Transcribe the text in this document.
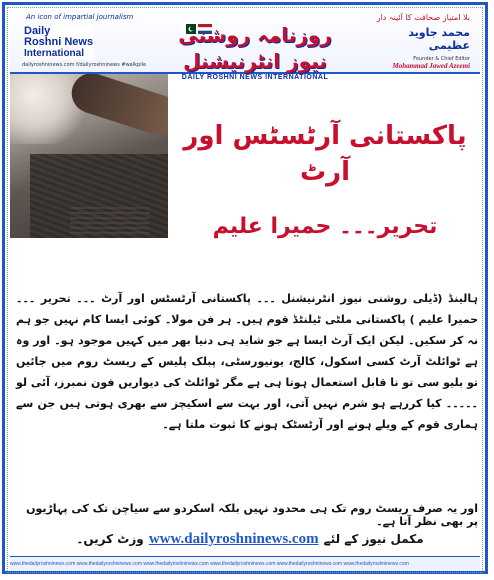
An icon of impartial journalism	بلا امتیاز صحافت کا آئینہ دار
Daily
Roshni News
International
dailyroshninews.com f/dailyroshninews #walkpile
روزنامہ روشنی نیوز انٹرنیشنل
DAILY ROSHNI NEWS INTERNATIONAL
محمد جاوید عظیمی
Founder & Chief Editor
Mohammad Jawed Azeemi
پاکستانی آرٹسٹس اور آرٹ
تحریر۔۔۔ حمیرا علیم
ہالینڈ (ڈیلی روشنی نیوز انٹرنیشنل ۔۔۔ پاکستانی آرٹسٹس اور آرٹ ۔۔۔ تحریر ۔۔۔ حمیرا علیم ) پاکستانی ملٹی ٹیلنٹڈ قوم ہیں۔ ہر فن مولا۔ کوئی ایسا کام نہیں جو ہم نہ کر سکیں۔ لیکن ایک آرٹ ایسا ہے جو شاید ہی دنیا بھر میں کہیں موجود ہو۔ اور وہ ہے ٹوائلٹ آرٹ کسی اسکول، کالج، یونیورسٹی، پبلک پلیس کے ریسٹ روم میں جائیں تو بلیو سی تو نا قابل استعمال ہوتا ہی ہے مگر ٹوائلٹ کی دیواریں فون نمبرز، آئی لو ۔۔۔۔۔ کیا کررہے ہو شرم نہیں آتی، اور بہت سے اسکیچز سے بھری ہوتی ہیں جن سے ہماری قوم کے ویلے ہونے اور آرٹسٹک ہونے کا ثبوت ملتا ہے۔
اور یہ صرف ریسٹ روم تک ہی محدود نہیں بلکہ اسکردو سے سیاچن تک کی پہاڑیوں پر بھی نظر آتا ہے۔
وزٹ کریں۔ www.dailyroshninews.com مکمل نیوز کے لئے
www.thedailyroshninews.com www.thedailyroshninews.com www.thedailyroshninews.com www.thedailyroshninews.com www.thedailyroshninews.com www.thedailyroshninews.com
